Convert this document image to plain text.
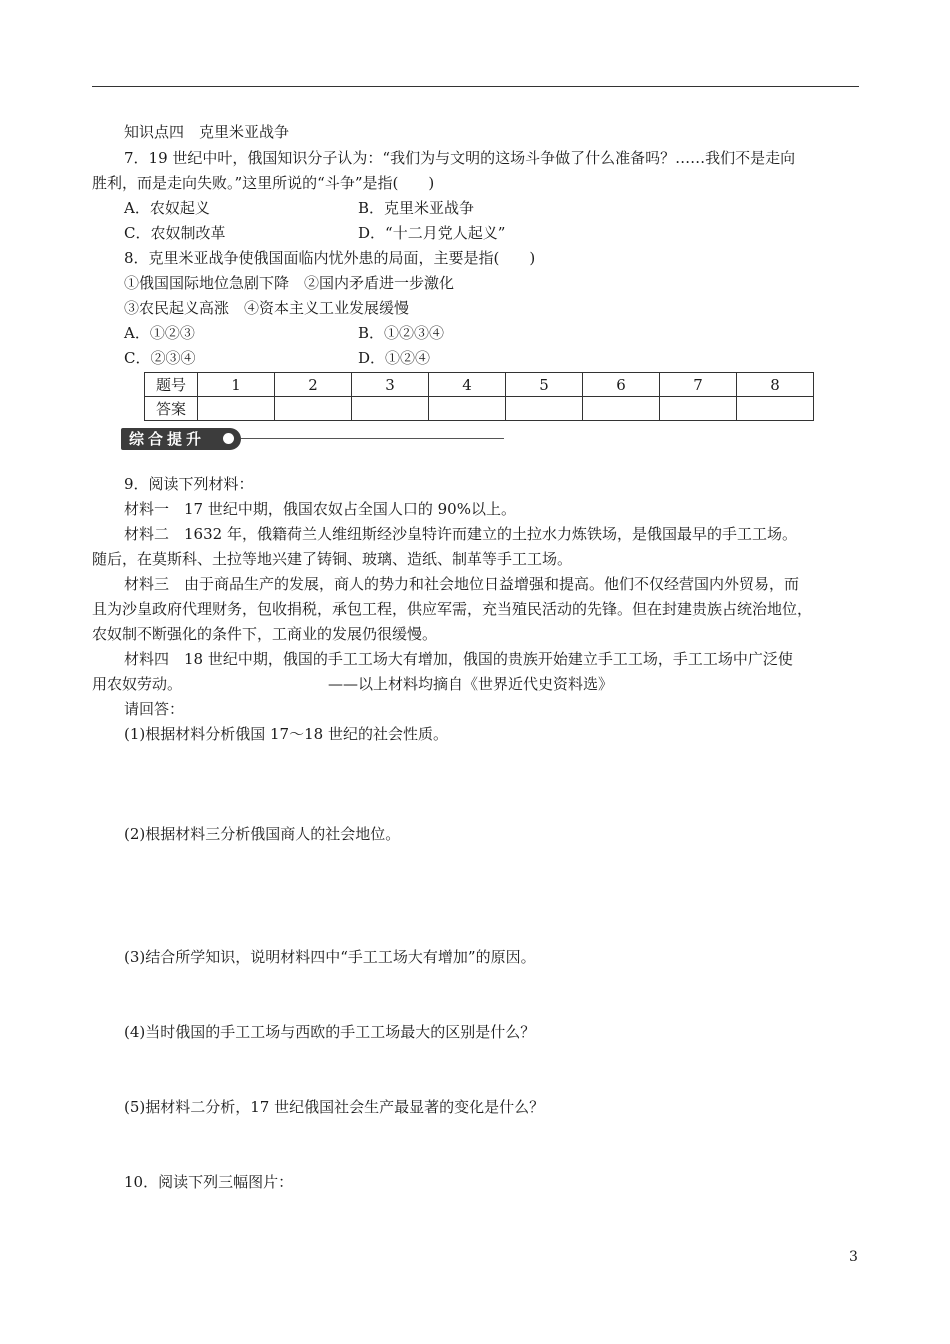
知识点四　克里米亚战争
7．19 世纪中叶，俄国知识分子认为：“我们为与文明的这场斗争做了什么准备吗？……我们不是走向
胜利，而是走向失败。”这里所说的“斗争”是指(　　)
A．农奴起义	B．克里米亚战争
C．农奴制改革	D．“十二月党人起义”
8．克里米亚战争使俄国面临内忧外患的局面，主要是指(　　)
①俄国国际地位急剧下降　②国内矛盾进一步激化
③农民起义高涨　④资本主义工业发展缓慢
A．①②③	B．①②③④
C．②③④	D．①②④
题号	1	2	3	4	5	6	7	8
答案								
综合提升
9．阅读下列材料：
材料一　17 世纪中期，俄国农奴占全国人口的 90%以上。
材料二　1632 年，俄籍荷兰人维纽斯经沙皇特许而建立的土拉水力炼铁场，是俄国最早的手工工场。
随后，在莫斯科、土拉等地兴建了铸铜、玻璃、造纸、制革等手工工场。
材料三　由于商品生产的发展，商人的势力和社会地位日益增强和提高。他们不仅经营国内外贸易，而
且为沙皇政府代理财务，包收捐税，承包工程，供应军需，充当殖民活动的先锋。但在封建贵族占统治地位，
农奴制不断强化的条件下，工商业的发展仍很缓慢。
材料四　18 世纪中期，俄国的手工工场大有增加，俄国的贵族开始建立手工工场，手工工场中广泛使
用农奴劳动。	——以上材料均摘自《世界近代史资料选》
请回答：
(1)根据材料分析俄国 17～18 世纪的社会性质。
(2)根据材料三分析俄国商人的社会地位。
(3)结合所学知识，说明材料四中“手工工场大有增加”的原因。
(4)当时俄国的手工工场与西欧的手工工场最大的区别是什么？
(5)据材料二分析，17 世纪俄国社会生产最显著的变化是什么？
10．阅读下列三幅图片：
3
